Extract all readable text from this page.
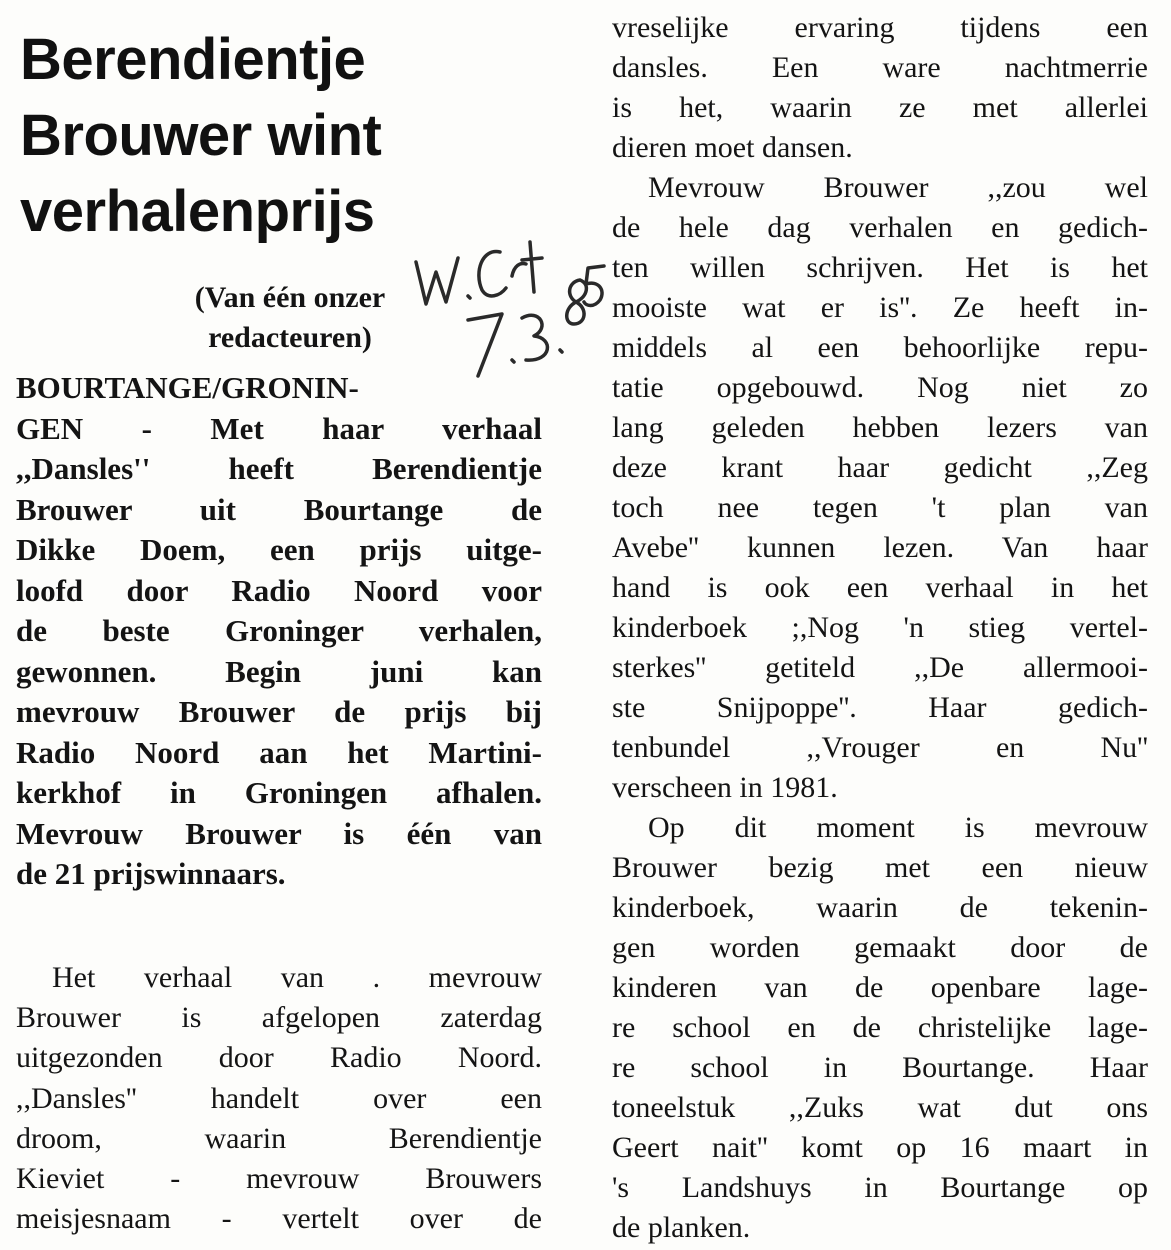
Berendientje
Brouwer wint
verhalenprijs
(Van één onzer
redacteuren)
BOURTANGE/GRONIN-
GEN - Met haar verhaal
,,Dansles'' heeft Berendientje
Brouwer uit Bourtange de
Dikke Doem, een prijs uitge-
loofd door Radio Noord voor
de beste Groninger verhalen,
gewonnen. Begin juni kan
mevrouw Brouwer de prijs bij
Radio Noord aan het Martini-
kerkhof in Groningen afhalen.
Mevrouw Brouwer is één van
de 21 prijswinnaars.
Het verhaal van . mevrouw
Brouwer is afgelopen zaterdag
uitgezonden door Radio Noord.
,,Dansles'' handelt over een
droom, waarin Berendientje
Kieviet - mevrouw Brouwers
meisjesnaam - vertelt over de
vreselijke ervaring tijdens een
dansles. Een ware nachtmerrie
is het, waarin ze met allerlei
dieren moet dansen.
Mevrouw Brouwer ,,zou wel
de hele dag verhalen en gedich-
ten willen schrijven. Het is het
mooiste wat er is''. Ze heeft in-
middels al een behoorlijke repu-
tatie opgebouwd. Nog niet zo
lang geleden hebben lezers van
deze krant haar gedicht ,,Zeg
toch nee tegen 't plan van
Avebe'' kunnen lezen. Van haar
hand is ook een verhaal in het
kinderboek ;,Nog 'n stieg vertel-
sterkes'' getiteld ,,De allermooi-
ste Snijpoppe''. Haar gedich-
tenbundel ,,Vrouger en Nu''
verscheen in 1981.
Op dit moment is mevrouw
Brouwer bezig met een nieuw
kinderboek, waarin de tekenin-
gen worden gemaakt door de
kinderen van de openbare lage-
re school en de christelijke lage-
re school in Bourtange. Haar
toneelstuk ,,Zuks wat dut ons
Geert nait'' komt op 16 maart in
's Landshuys in Bourtange op
de planken.
